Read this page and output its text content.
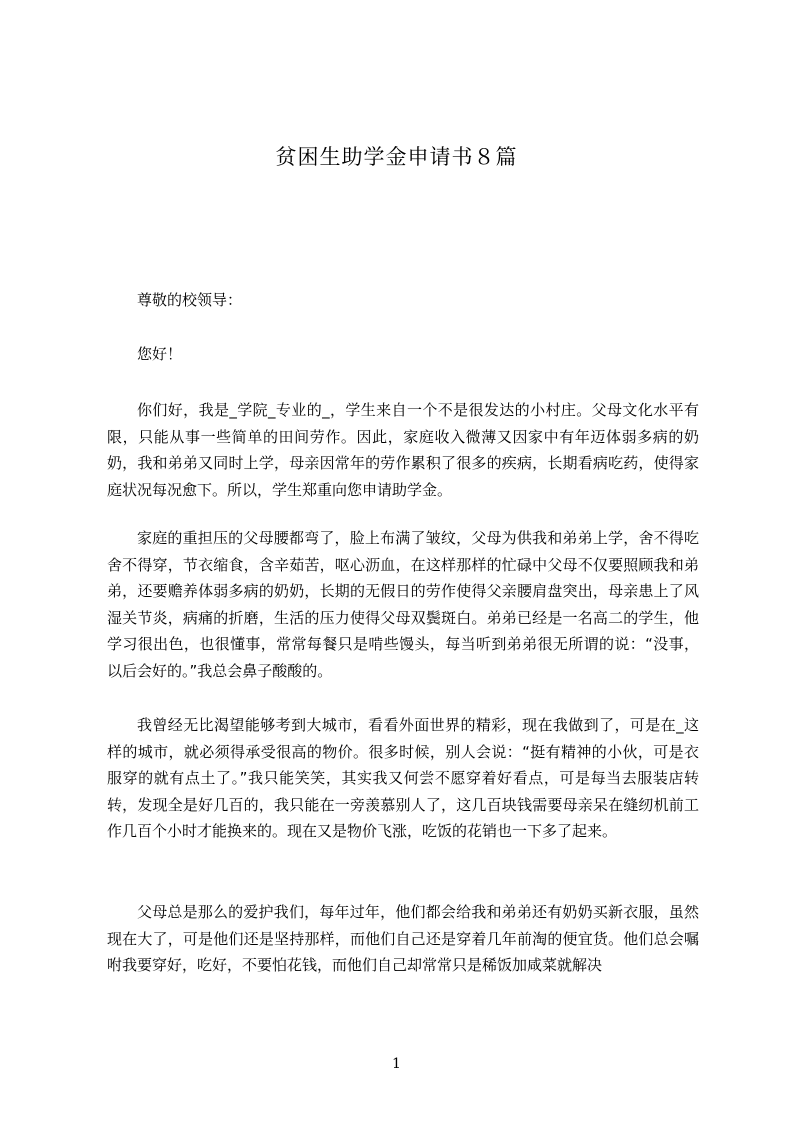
贫困生助学金申请书８篇
尊敬的校领导：
您好！

你们好，我是_学院_专业的_，学生来自一个不是很发达的小村庄。父母文化水平有限，只能从事一些简单的田间劳作。因此，家庭收入微薄又因家中有年迈体弱多病的奶奶，我和弟弟又同时上学，母亲因常年的劳作累积了很多的疾病，长期看病吃药，使得家庭状况每况愈下。所以，学生郑重向您申请助学金。

家庭的重担压的父母腰都弯了，脸上布满了皱纹，父母为供我和弟弟上学，舍不得吃舍不得穿，节衣缩食，含辛茹苦，呕心沥血，在这样那样的忙碌中父母不仅要照顾我和弟弟，还要赡养体弱多病的奶奶，长期的无假日的劳作使得父亲腰肩盘突出，母亲患上了风湿关节炎，病痛的折磨，生活的压力使得父母双鬓斑白。弟弟已经是一名高二的学生，他学习很出色，也很懂事，常常每餐只是啃些馒头，每当听到弟弟很无所谓的说：“没事，以后会好的。”我总会鼻子酸酸的。

我曾经无比渴望能够考到大城市，看看外面世界的精彩，现在我做到了，可是在_这样的城市，就必须得承受很高的物价。很多时候，别人会说：“挺有精神的小伙，可是衣服穿的就有点土了。”我只能笑笑，其实我又何尝不愿穿着好看点，可是每当去服装店转转，发现全是好几百的，我只能在一旁羡慕别人了，这几百块钱需要母亲呆在缝纫机前工作几百个小时才能换来的。现在又是物价飞涨，吃饭的花销也一下多了起来。

父母总是那么的爱护我们，每年过年，他们都会给我和弟弟还有奶奶买新衣服，虽然现在大了，可是他们还是坚持那样，而他们自己还是穿着几年前淘的便宜货。他们总会嘱咐我要穿好，吃好，不要怕花钱，而他们自己却常常只是稀饭加咸菜就解决

1
